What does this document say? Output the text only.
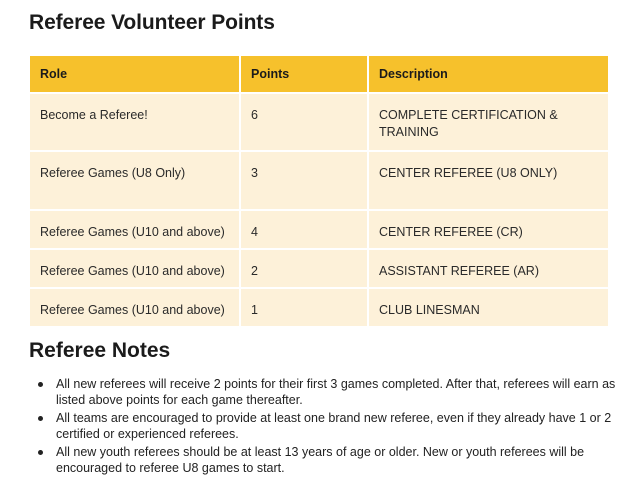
Referee Volunteer Points
Role	Points	Description
Become a Referee!	6	COMPLETE CERTIFICATION & TRAINING
Referee Games (U8 Only)	3	CENTER REFEREE (U8 ONLY)
Referee Games (U10 and above)	4	CENTER REFEREE (CR)
Referee Games (U10 and above)	2	ASSISTANT REFEREE (AR)
Referee Games (U10 and above)	1	CLUB LINESMAN
Referee Notes
All new referees will receive 2 points for their first 3 games completed. After that, referees will earn as listed above points for each game thereafter.
All teams are encouraged to provide at least one brand new referee, even if they already have 1 or 2 certified or experienced referees.
All new youth referees should be at least 13 years of age or older. New or youth referees will be encouraged to referee U8 games to start.
